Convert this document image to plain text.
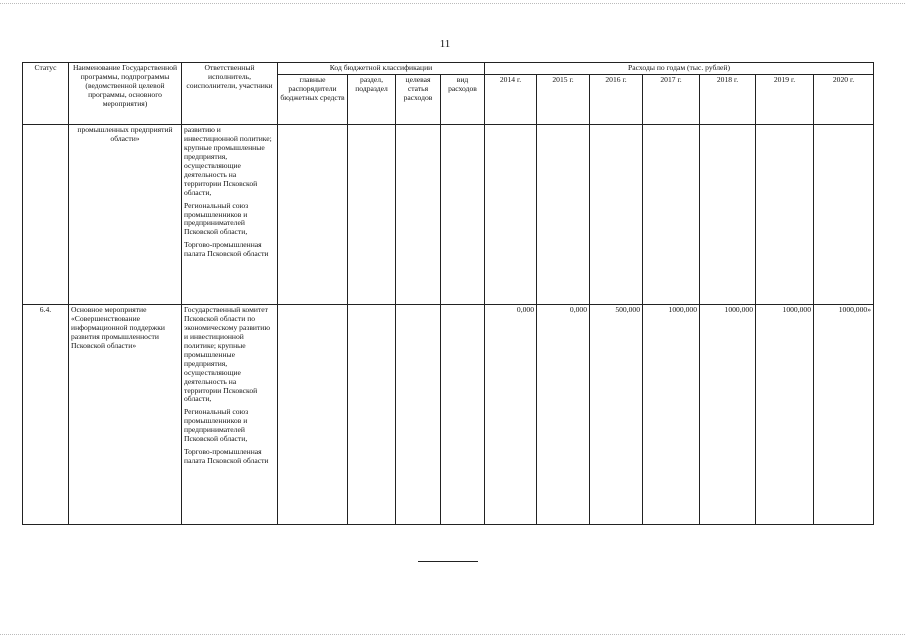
11
Статус	Наименование Государственной программы, подпрограммы (ведомственной целевой программы, основного мероприятия)	Ответственный исполнитель, соисполнители, участники	Код бюджетной классификации				Расходы по годам (тыс. рублей)						
			главные распорядители бюджетных средств	раздел, подраздел	целевая статья расходов	вид расходов	2014 г.	2015 г.	2016 г.	2017 г.	2018 г.	2019 г.	2020 г.
	промышленных предприятий области»	развитию и инвестиционной политике; крупные промышленные предприятия, осуществляющие деятельность на территории Псковской области,
Региональный союз промышленников и предпринимателей Псковской области,
Торгово-промышленная палата Псковской области											

6.4.	Основное мероприятие «Совершенствование информационной поддержки развития промышленности Псковской области»	Государственный комитет Псковской области по экономическому развитию и инвестиционной политике; крупные промышленные предприятия, осуществляющие деятельность на территории Псковской области,
Региональный союз промышленников и предпринимателей Псковской области,
Торгово-промышленная палата Псковской области					0,000	0,000	500,000	1000,000	1000,000	1000,000	1000,000»
